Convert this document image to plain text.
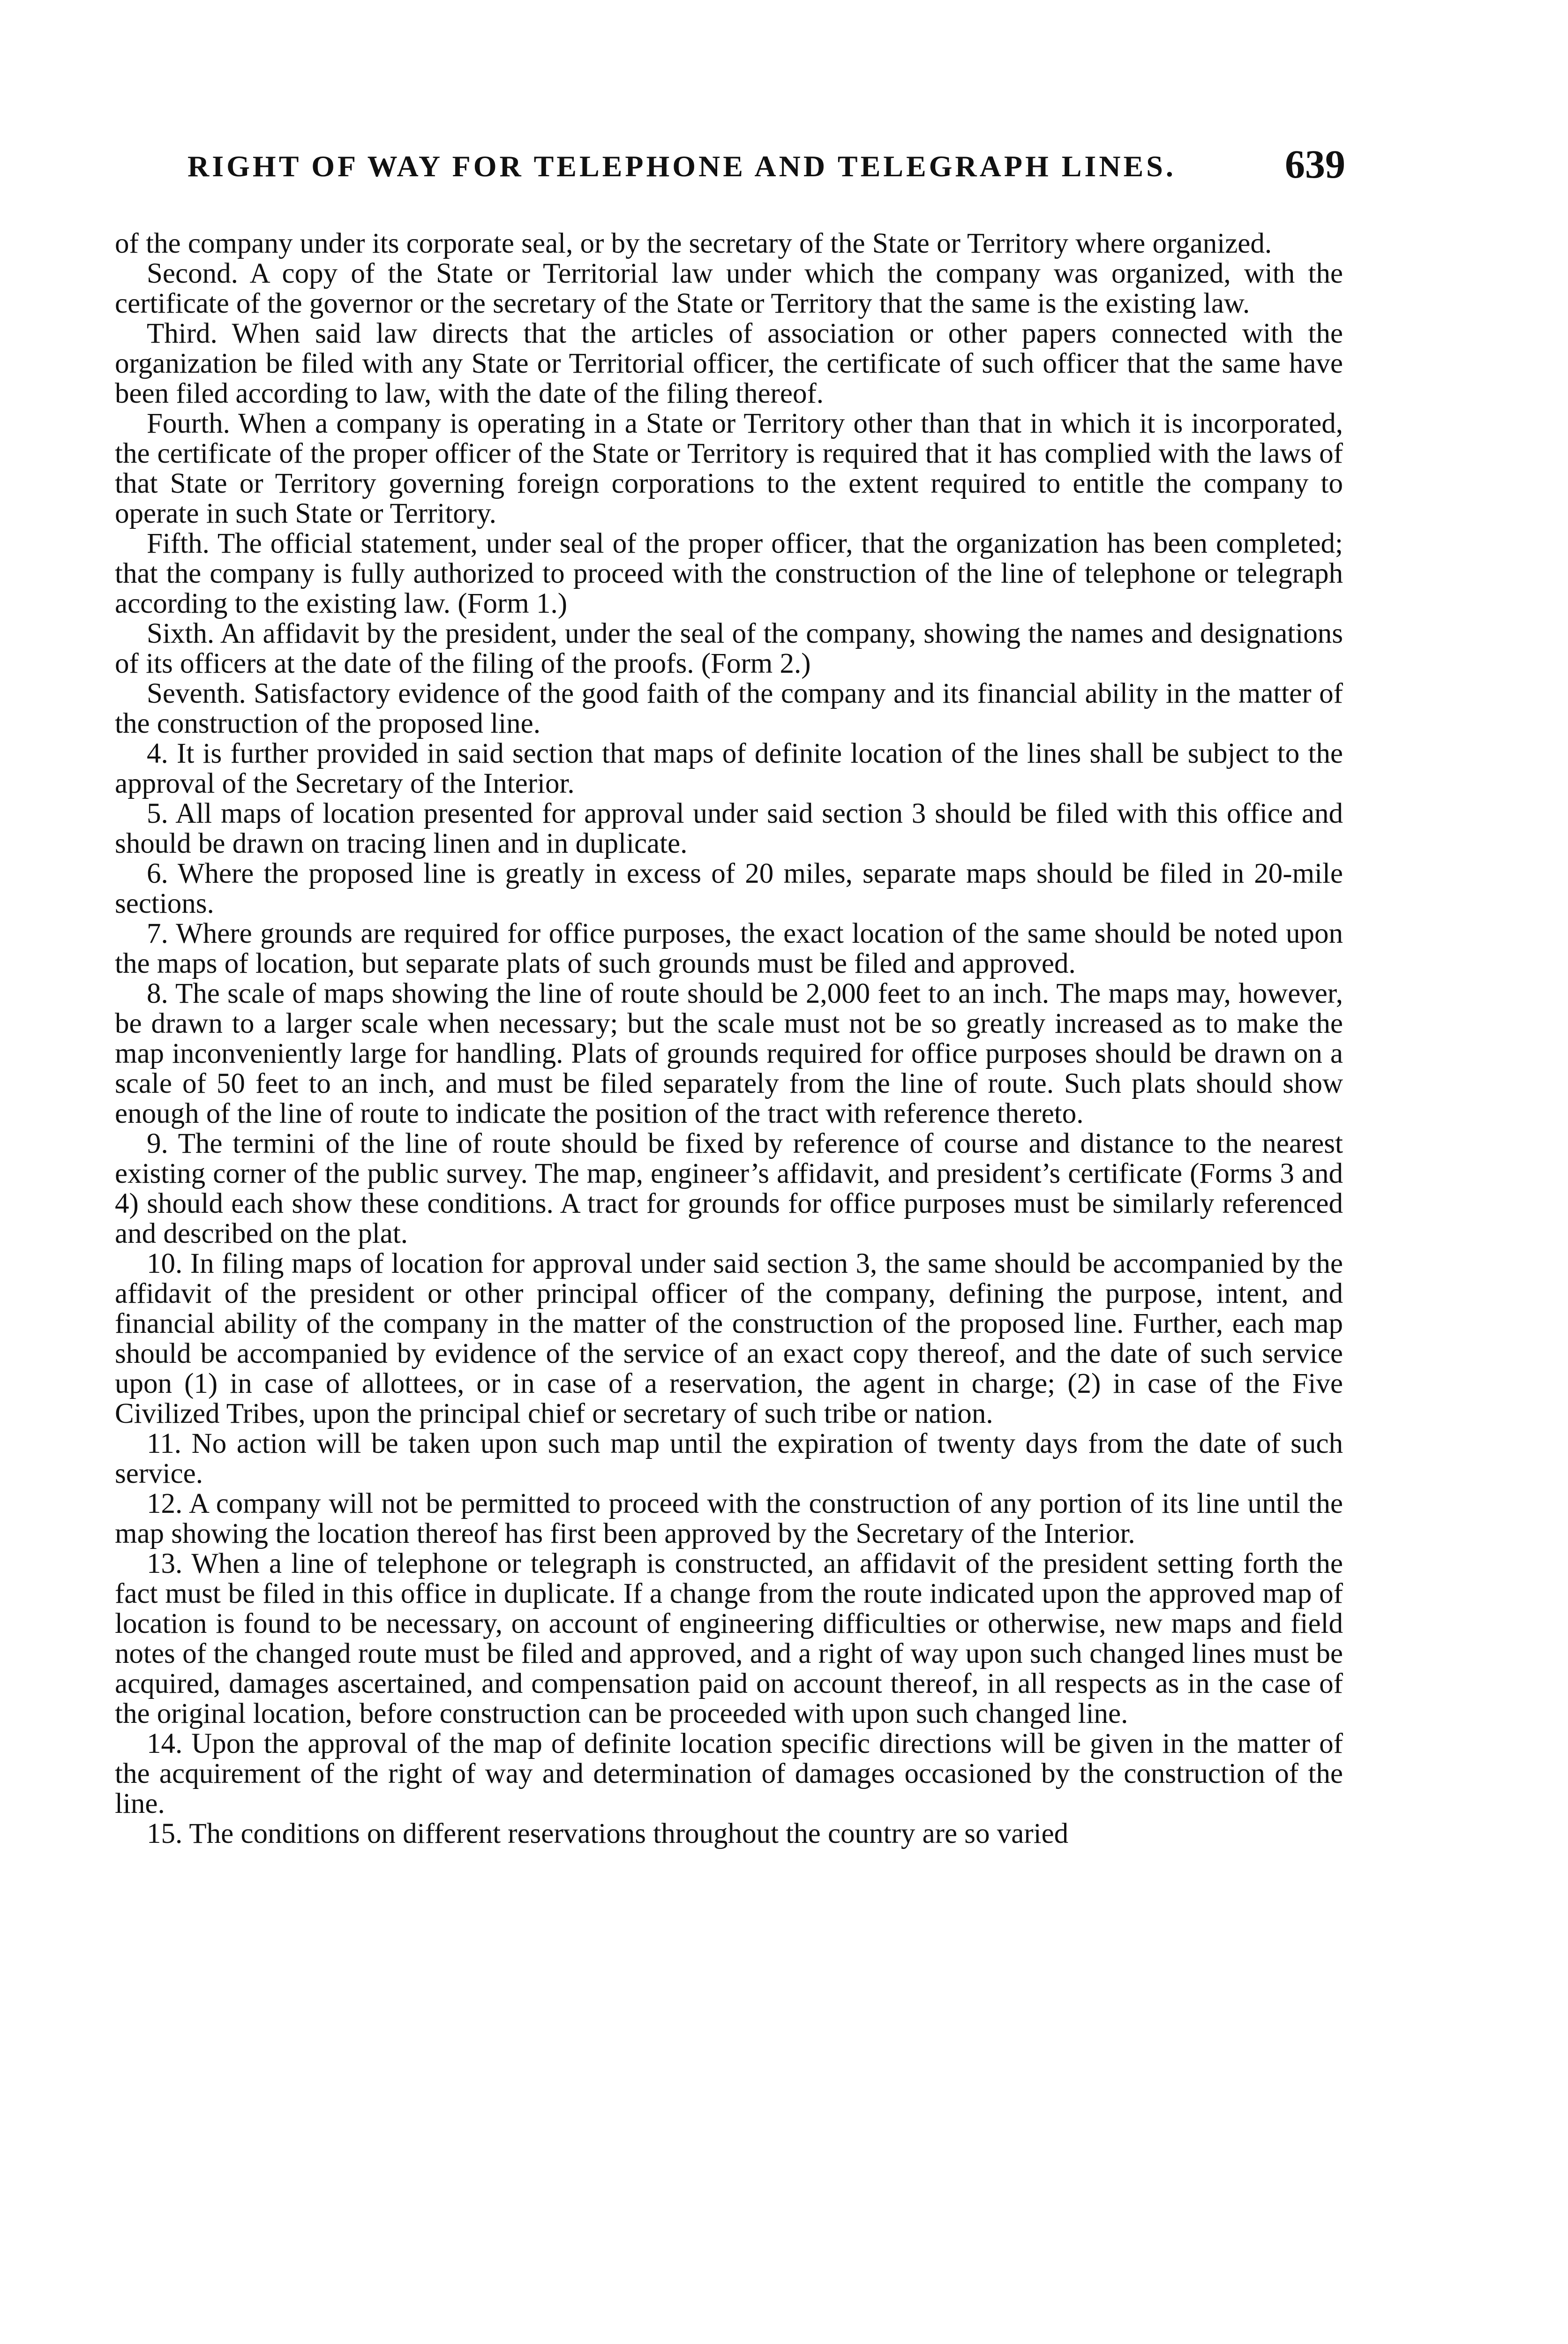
RIGHT OF WAY FOR TELEPHONE AND TELEGRAPH LINES.	639

of the company under its corporate seal, or by the secretary of the State or Territory where organized.

Second. A copy of the State or Territorial law under which the company was organized, with the certificate of the governor or the secretary of the State or Territory that the same is the existing law.

Third. When said law directs that the articles of association or other papers connected with the organization be filed with any State or Territorial officer, the certificate of such officer that the same have been filed according to law, with the date of the filing thereof.

Fourth. When a company is operating in a State or Territory other than that in which it is incorporated, the certificate of the proper officer of the State or Territory is required that it has complied with the laws of that State or Territory governing foreign corporations to the extent required to entitle the company to operate in such State or Territory.

Fifth. The official statement, under seal of the proper officer, that the organization has been completed; that the company is fully authorized to proceed with the construction of the line of telephone or telegraph according to the existing law. (Form 1.)

Sixth. An affidavit by the president, under the seal of the company, showing the names and designations of its officers at the date of the filing of the proofs. (Form 2.)

Seventh. Satisfactory evidence of the good faith of the company and its financial ability in the matter of the construction of the proposed line.

4. It is further provided in said section that maps of definite location of the lines shall be subject to the approval of the Secretary of the Interior.

5. All maps of location presented for approval under said section 3 should be filed with this office and should be drawn on tracing linen and in duplicate.

6. Where the proposed line is greatly in excess of 20 miles, separate maps should be filed in 20-mile sections.

7. Where grounds are required for office purposes, the exact location of the same should be noted upon the maps of location, but separate plats of such grounds must be filed and approved.

8. The scale of maps showing the line of route should be 2,000 feet to an inch. The maps may, however, be drawn to a larger scale when necessary; but the scale must not be so greatly increased as to make the map inconveniently large for handling. Plats of grounds required for office purposes should be drawn on a scale of 50 feet to an inch, and must be filed separately from the line of route. Such plats should show enough of the line of route to indicate the position of the tract with reference thereto.

9. The termini of the line of route should be fixed by reference of course and distance to the nearest existing corner of the public survey. The map, engineer’s affidavit, and president’s certificate (Forms 3 and 4) should each show these conditions. A tract for grounds for office purposes must be similarly referenced and described on the plat.

10. In filing maps of location for approval under said section 3, the same should be accompanied by the affidavit of the president or other principal officer of the company, defining the purpose, intent, and financial ability of the company in the matter of the construction of the proposed line. Further, each map should be accompanied by evidence of the service of an exact copy thereof, and the date of such service upon (1) in case of allottees, or in case of a reservation, the agent in charge; (2) in case of the Five Civilized Tribes, upon the principal chief or secretary of such tribe or nation.

11. No action will be taken upon such map until the expiration of twenty days from the date of such service.

12. A company will not be permitted to proceed with the construction of any portion of its line until the map showing the location thereof has first been approved by the Secretary of the Interior.

13. When a line of telephone or telegraph is constructed, an affidavit of the president setting forth the fact must be filed in this office in duplicate. If a change from the route indicated upon the approved map of location is found to be necessary, on account of engineering difficulties or otherwise, new maps and field notes of the changed route must be filed and approved, and a right of way upon such changed lines must be acquired, damages ascertained, and compensation paid on account thereof, in all respects as in the case of the original location, before construction can be proceeded with upon such changed line.

14. Upon the approval of the map of definite location specific directions will be given in the matter of the acquirement of the right of way and determination of damages occasioned by the construction of the line.

15. The conditions on different reservations throughout the country are so varied
